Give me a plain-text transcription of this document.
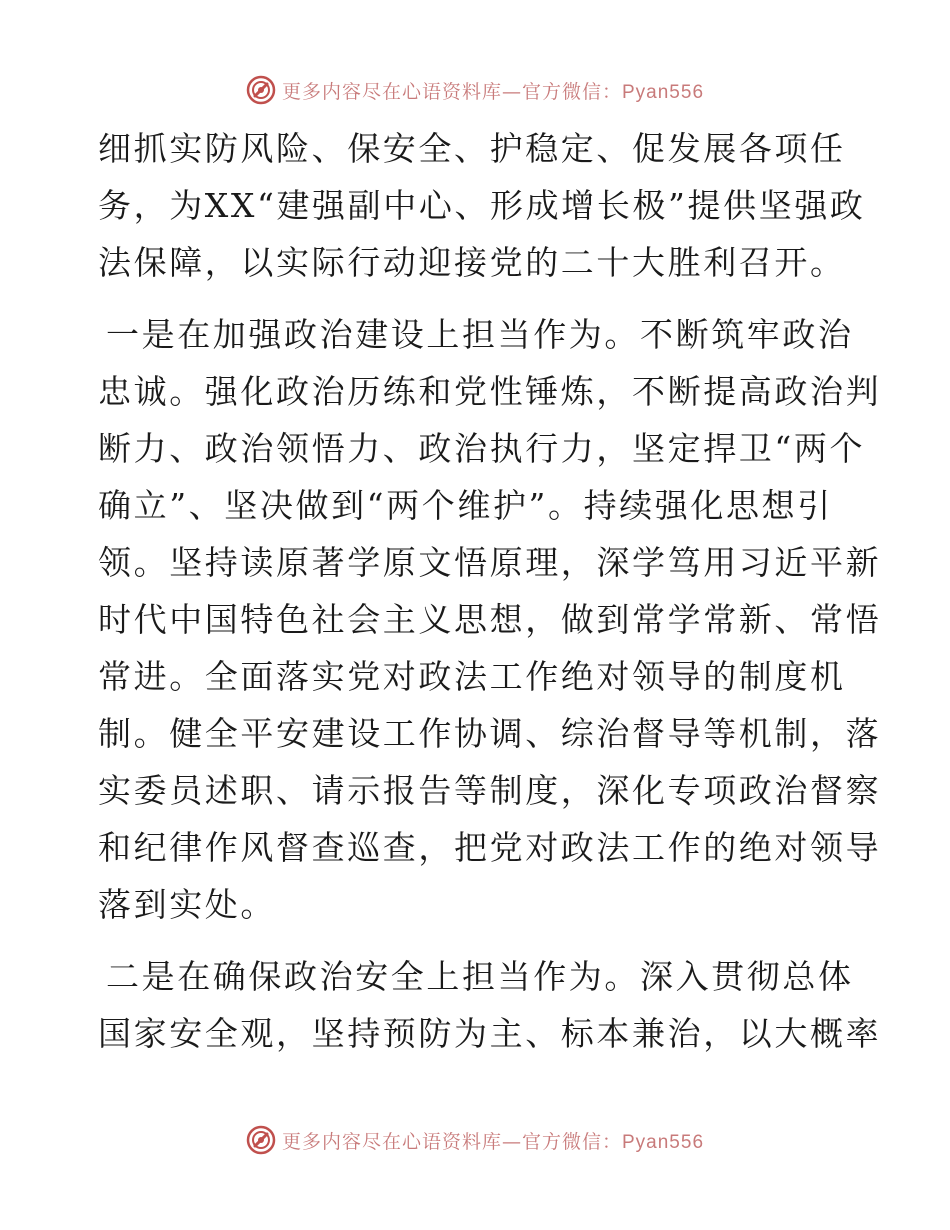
更多内容尽在心语资料库—官方微信：Pyan556
细抓实防风险、保安全、护稳定、促发展各项任
务，为XX“建强副中心、形成增长极”提供坚强政
法保障，以实际行动迎接党的二十大胜利召开。
一是在加强政治建设上担当作为。不断筑牢政治
忠诚。强化政治历练和党性锤炼，不断提高政治判
断力、政治领悟力、政治执行力，坚定捍卫“两个
确立”、坚决做到“两个维护”。持续强化思想引
领。坚持读原著学原文悟原理，深学笃用习近平新
时代中国特色社会主义思想，做到常学常新、常悟
常进。全面落实党对政法工作绝对领导的制度机
制。健全平安建设工作协调、综治督导等机制，落
实委员述职、请示报告等制度，深化专项政治督察
和纪律作风督查巡查，把党对政法工作的绝对领导
落到实处。
二是在确保政治安全上担当作为。深入贯彻总体
国家安全观，坚持预防为主、标本兼治，以大概率
更多内容尽在心语资料库—官方微信：Pyan556
